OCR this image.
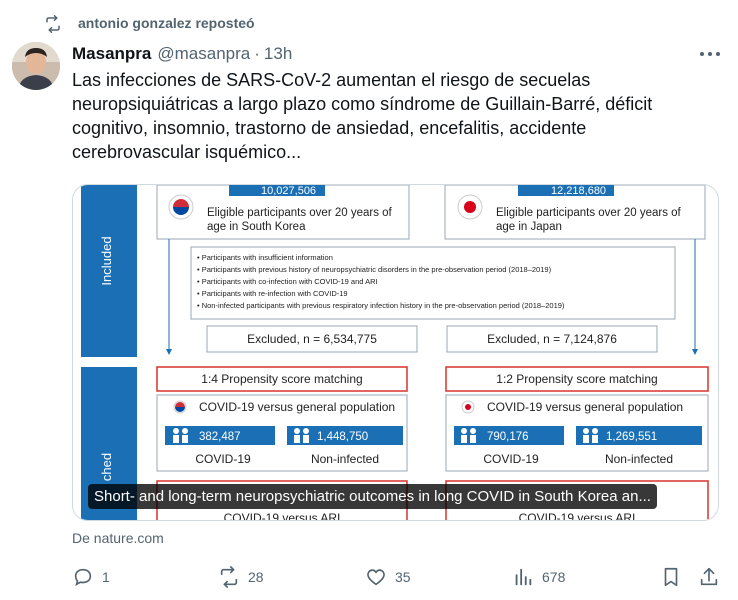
antonio gonzalez reposteó
Masanpra @masanpra · 13h
Las infecciones de SARS-CoV-2 aumentan el riesgo de secuelas
neuropsiquiátricas a largo plazo como síndrome de Guillain-Barré, déficit
cognitivo, insomnio, trastorno de ansiedad, encefalitis, accidente
cerebrovascular isquémico...
Included
ched
10,027,506
Eligible participants over 20 years of
age in South Korea
12,218,680
Eligible participants over 20 years of
age in Japan
• Participants with insufficient information
• Participants with previous history of neuropsychiatric disorders in the pre-observation period (2018–2019)
• Participants with co-infection with COVID-19 and ARI
• Participants with re-infection with COVID-19
• Non-infected participants with previous respiratory infection history in the pre-observation period (2018–2019)
Excluded, n = 6,534,775	Excluded, n = 7,124,876
1:4 Propensity score matching	1:2 Propensity score matching
COVID-19 versus general population
382,487	1,448,750
COVID-19	Non-infected
COVID-19 versus general population
790,176	1,269,551
COVID-19	Non-infected
COVID-19 versus ARI	COVID-19 versus ARI
Short- and long-term neuropsychiatric outcomes in long COVID in South Korea an...
De nature.com
1	28	35	678
